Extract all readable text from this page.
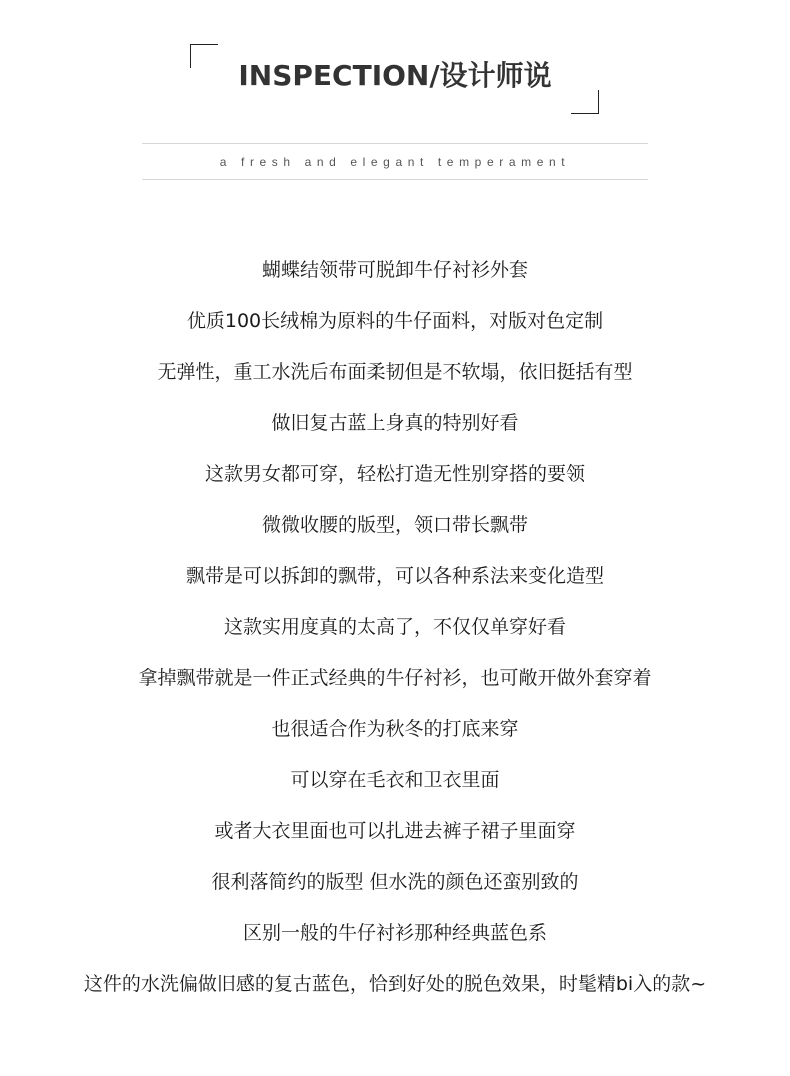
INSPECTION/设计师说
a fresh and elegant temperament
蝴蝶结领带可脱卸牛仔衬衫外套
优质100长绒棉为原料的牛仔面料，对版对色定制
无弹性，重工水洗后布面柔韧但是不软塌，依旧挺括有型
做旧复古蓝上身真的特别好看
这款男女都可穿，轻松打造无性别穿搭的要领
微微收腰的版型，领口带长飘带
飘带是可以拆卸的飘带，可以各种系法来变化造型
这款实用度真的太高了，不仅仅单穿好看
拿掉飘带就是一件正式经典的牛仔衬衫，也可敞开做外套穿着
也很适合作为秋冬的打底来穿
可以穿在毛衣和卫衣里面
或者大衣里面也可以扎进去裤子裙子里面穿
很利落简约的版型 但水洗的颜色还蛮别致的
区别一般的牛仔衬衫那种经典蓝色系
这件的水洗偏做旧感的复古蓝色，恰到好处的脱色效果，时髦精bi入的款~
